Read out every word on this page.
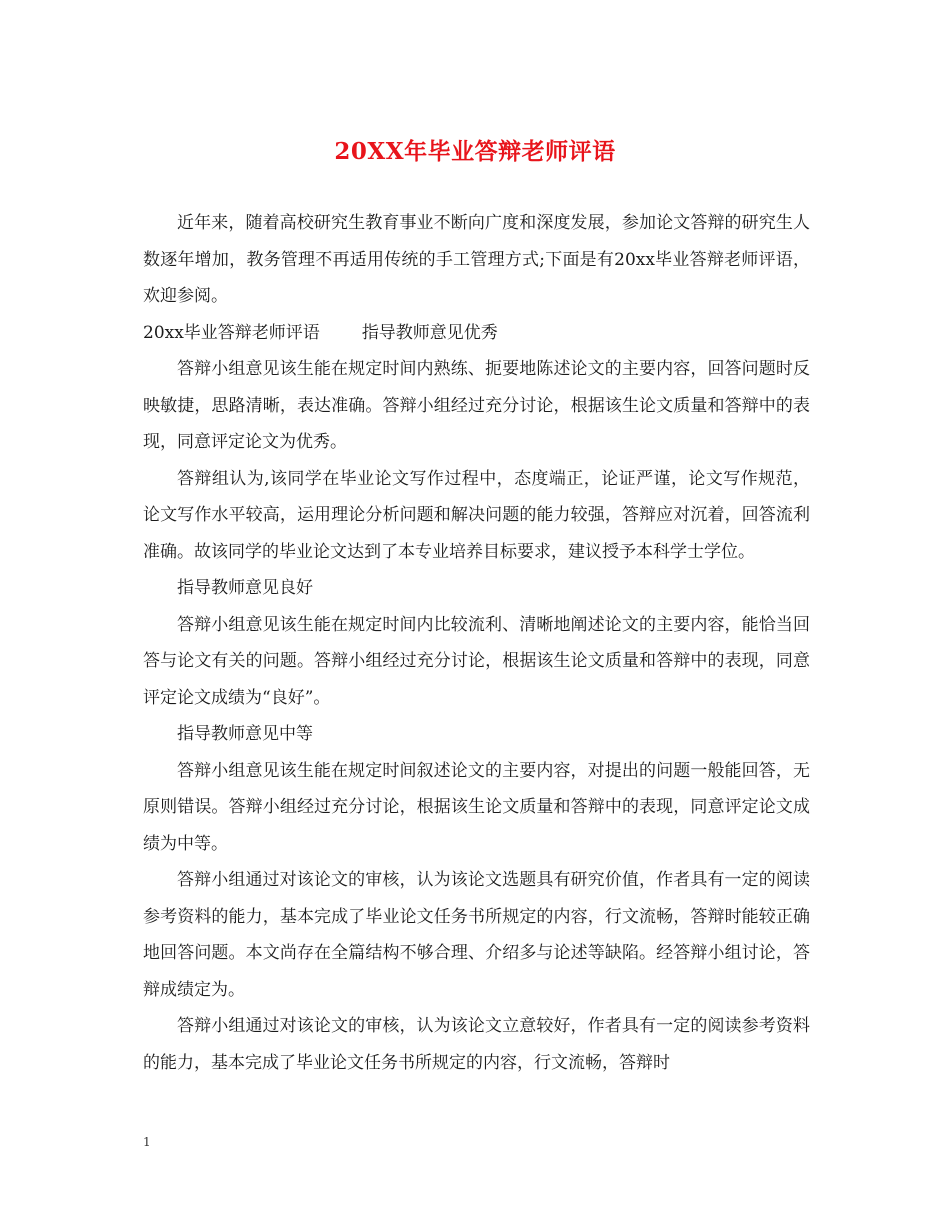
20XX年毕业答辩老师评语

近年来，随着高校研究生教育事业不断向广度和深度发展，参加论文答辩的研究生人数逐年增加，教务管理不再适用传统的手工管理方式;下面是有20xx毕业答辩老师评语，欢迎参阅。

20xx毕业答辩老师评语 指导教师意见优秀

答辩小组意见该生能在规定时间内熟练、扼要地陈述论文的主要内容，回答问题时反映敏捷，思路清晰，表达准确。答辩小组经过充分讨论，根据该生论文质量和答辩中的表现，同意评定论文为优秀。

答辩组认为,该同学在毕业论文写作过程中，态度端正，论证严谨，论文写作规范，论文写作水平较高，运用理论分析问题和解决问题的能力较强，答辩应对沉着，回答流利准确。故该同学的毕业论文达到了本专业培养目标要求，建议授予本科学士学位。

指导教师意见良好

答辩小组意见该生能在规定时间内比较流利、清晰地阐述论文的主要内容，能恰当回答与论文有关的问题。答辩小组经过充分讨论，根据该生论文质量和答辩中的表现，同意评定论文成绩为“良好”。

指导教师意见中等

答辩小组意见该生能在规定时间叙述论文的主要内容，对提出的问题一般能回答，无原则错误。答辩小组经过充分讨论，根据该生论文质量和答辩中的表现，同意评定论文成绩为中等。

答辩小组通过对该论文的审核，认为该论文选题具有研究价值，作者具有一定的阅读参考资料的能力，基本完成了毕业论文任务书所规定的内容，行文流畅，答辩时能较正确地回答问题。本文尚存在全篇结构不够合理、介绍多与论述等缺陷。经答辩小组讨论，答辩成绩定为。

答辩小组通过对该论文的审核，认为该论文立意较好，作者具有一定的阅读参考资料的能力，基本完成了毕业论文任务书所规定的内容，行文流畅，答辩时

1
